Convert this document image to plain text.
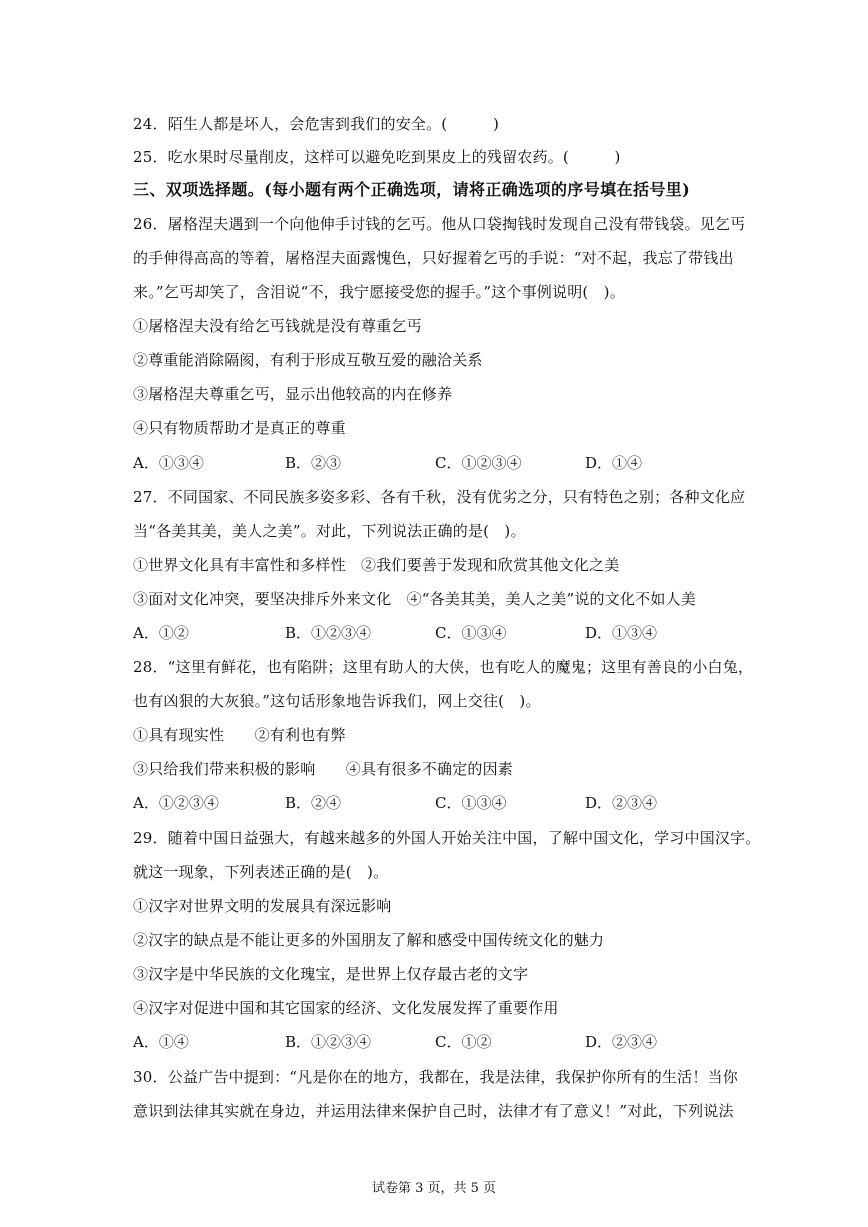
24．陌生人都是坏人，会危害到我们的安全。(　　　)
25．吃水果时尽量削皮，这样可以避免吃到果皮上的残留农药。(　　　)
三、双项选择题。(每小题有两个正确选项，请将正确选项的序号填在括号里)
26．屠格涅夫遇到一个向他伸手讨钱的乞丐。他从口袋掏钱时发现自己没有带钱袋。见乞丐
的手伸得高高的等着，屠格涅夫面露愧色，只好握着乞丐的手说：“对不起，我忘了带钱出
来。”乞丐却笑了，含泪说“不，我宁愿接受您的握手。”这个事例说明(　)。
①屠格涅夫没有给乞丐钱就是没有尊重乞丐
②尊重能消除隔阂，有利于形成互敬互爱的融洽关系
③屠格涅夫尊重乞丐，显示出他较高的内在修养
④只有物质帮助才是真正的尊重
A．①③④	B．②③	C．①②③④	D．①④
27．不同国家、不同民族多姿多彩、各有千秋，没有优劣之分，只有特色之别；各种文化应
当“各美其美，美人之美”。对此，下列说法正确的是(　)。
①世界文化具有丰富性和多样性　②我们要善于发现和欣赏其他文化之美
③面对文化冲突，要坚决排斥外来文化　④“各美其美，美人之美”说的文化不如人美
A．①②	B．①②③④	C．①③④	D．①③④
28．“这里有鲜花，也有陷阱；这里有助人的大侠，也有吃人的魔鬼；这里有善良的小白兔，
也有凶狠的大灰狼。”这句话形象地告诉我们，网上交往(　)。
①具有现实性　　②有利也有弊
③只给我们带来积极的影响　　④具有很多不确定的因素
A．①②③④	B．②④	C．①③④	D．②③④
29．随着中国日益强大，有越来越多的外国人开始关注中国，了解中国文化，学习中国汉字。
就这一现象，下列表述正确的是(　)。
①汉字对世界文明的发展具有深远影响
②汉字的缺点是不能让更多的外国朋友了解和感受中国传统文化的魅力
③汉字是中华民族的文化瑰宝，是世界上仅存最古老的文字
④汉字对促进中国和其它国家的经济、文化发展发挥了重要作用
A．①④	B．①②③④	C．①②	D．②③④
30．公益广告中提到：“凡是你在的地方，我都在，我是法律，我保护你所有的生活！当你
意识到法律其实就在身边，并运用法律来保护自己时，法律才有了意义！”对此，下列说法
试卷第 3 页，共 5 页
